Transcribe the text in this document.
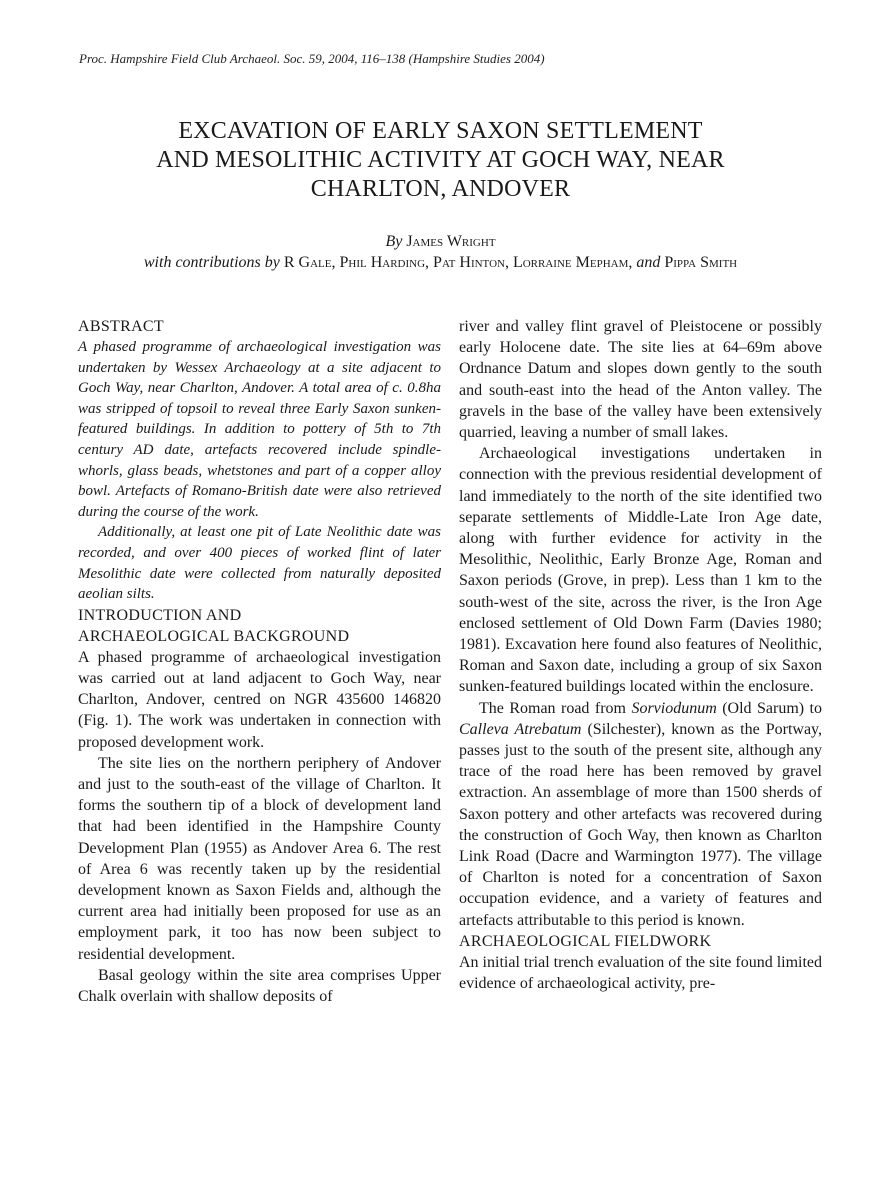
Proc. Hampshire Field Club Archaeol. Soc. 59, 2004, 116–138 (Hampshire Studies 2004)
EXCAVATION OF EARLY SAXON SETTLEMENT
AND MESOLITHIC ACTIVITY AT GOCH WAY, NEAR
CHARLTON, ANDOVER
By James Wright
with contributions by R Gale, Phil Harding, Pat Hinton, Lorraine Mepham, and Pippa Smith
ABSTRACT

A phased programme of archaeological investigation was undertaken by Wessex Archaeology at a site adjacent to Goch Way, near Charlton, Andover. A total area of c. 0.8ha was stripped of topsoil to reveal three Early Saxon sunken-featured buildings. In addition to pottery of 5th to 7th century AD date, artefacts recovered include spindle-whorls, glass beads, whetstones and part of a copper alloy bowl. Artefacts of Romano-British date were also retrieved during the course of the work.

Additionally, at least one pit of Late Neolithic date was recorded, and over 400 pieces of worked flint of later Mesolithic date were collected from naturally deposited aeolian silts.

INTRODUCTION AND
ARCHAEOLOGICAL BACKGROUND

A phased programme of archaeological investigation was carried out at land adjacent to Goch Way, near Charlton, Andover, centred on NGR 435600 146820 (Fig. 1). The work was undertaken in connection with proposed development work.

The site lies on the northern periphery of Andover and just to the south-east of the village of Charlton. It forms the southern tip of a block of development land that had been identified in the Hampshire County Development Plan (1955) as Andover Area 6. The rest of Area 6 was recently taken up by the residential development known as Saxon Fields and, although the current area had initially been proposed for use as an employment park, it too has now been subject to residential development.

Basal geology within the site area comprises Upper Chalk overlain with shallow deposits of

river and valley flint gravel of Pleistocene or possibly early Holocene date. The site lies at 64–69m above Ordnance Datum and slopes down gently to the south and south-east into the head of the Anton valley. The gravels in the base of the valley have been extensively quarried, leaving a number of small lakes.

Archaeological investigations undertaken in connection with the previous residential development of land immediately to the north of the site identified two separate settlements of Middle-Late Iron Age date, along with further evidence for activity in the Mesolithic, Neolithic, Early Bronze Age, Roman and Saxon periods (Grove, in prep). Less than 1 km to the south-west of the site, across the river, is the Iron Age enclosed settlement of Old Down Farm (Davies 1980; 1981). Excavation here found also features of Neolithic, Roman and Saxon date, including a group of six Saxon sunken-featured buildings located within the enclosure.

The Roman road from Sorviodunum (Old Sarum) to Calleva Atrebatum (Silchester), known as the Portway, passes just to the south of the present site, although any trace of the road here has been removed by gravel extraction. An assemblage of more than 1500 sherds of Saxon pottery and other artefacts was recovered during the construction of Goch Way, then known as Charlton Link Road (Dacre and Warmington 1977). The village of Charlton is noted for a concentration of Saxon occupation evidence, and a variety of features and artefacts attributable to this period is known.

ARCHAEOLOGICAL FIELDWORK

An initial trial trench evaluation of the site found limited evidence of archaeological activity, pre-
